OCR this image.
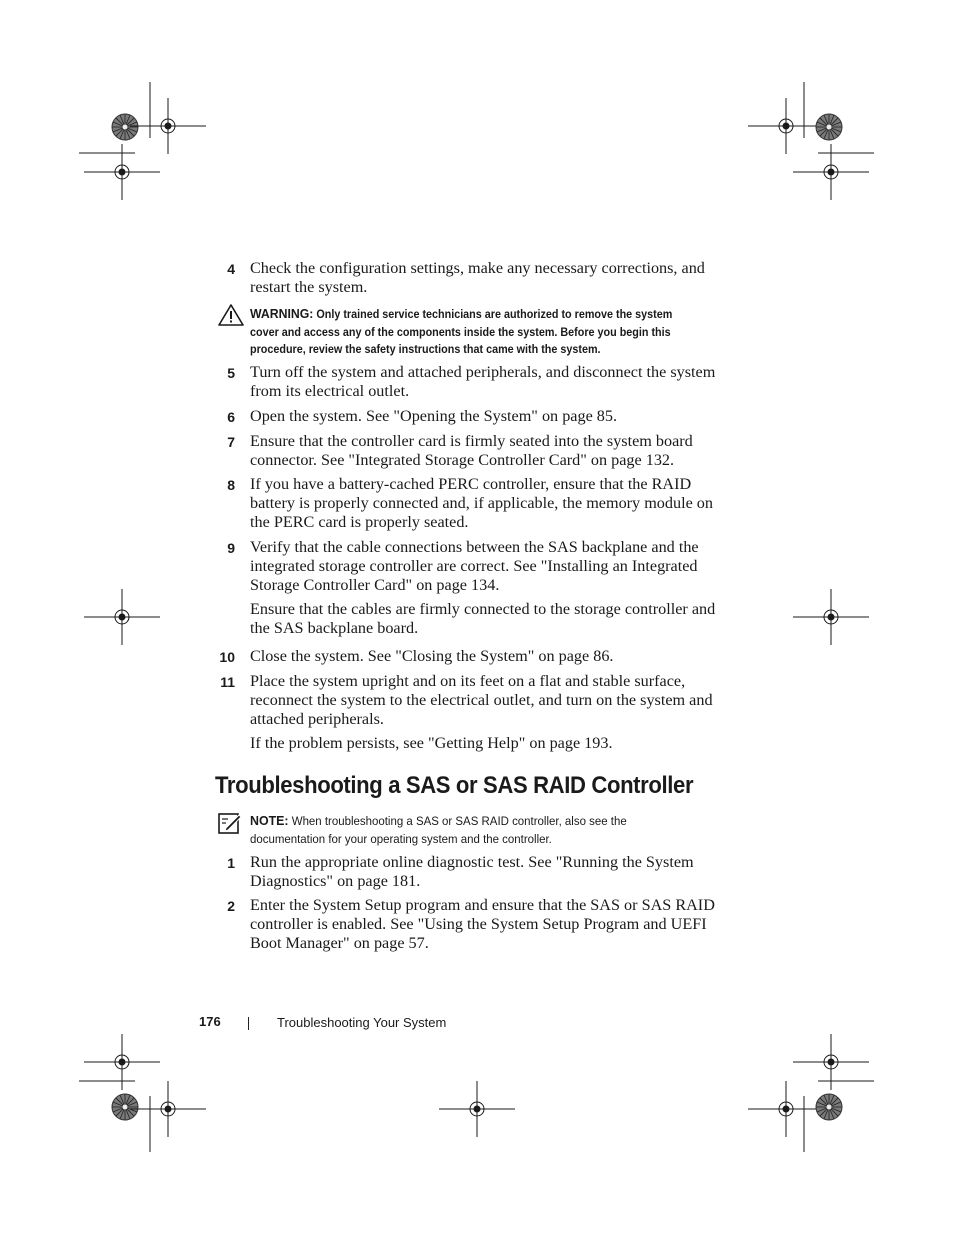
4 Check the configuration settings, make any necessary corrections, and restart the system.
WARNING: Only trained service technicians are authorized to remove the system cover and access any of the components inside the system. Before you begin this procedure, review the safety instructions that came with the system.
5 Turn off the system and attached peripherals, and disconnect the system from its electrical outlet.
6 Open the system. See "Opening the System" on page 85.
7 Ensure that the controller card is firmly seated into the system board connector. See "Integrated Storage Controller Card" on page 132.
8 If you have a battery-cached PERC controller, ensure that the RAID battery is properly connected and, if applicable, the memory module on the PERC card is properly seated.
9 Verify that the cable connections between the SAS backplane and the integrated storage controller are correct. See "Installing an Integrated Storage Controller Card" on page 134.
Ensure that the cables are firmly connected to the storage controller and the SAS backplane board.
10 Close the system. See "Closing the System" on page 86.
11 Place the system upright and on its feet on a flat and stable surface, reconnect the system to the electrical outlet, and turn on the system and attached peripherals.
If the problem persists, see "Getting Help" on page 193.
Troubleshooting a SAS or SAS RAID Controller
NOTE: When troubleshooting a SAS or SAS RAID controller, also see the documentation for your operating system and the controller.
1 Run the appropriate online diagnostic test. See "Running the System Diagnostics" on page 181.
2 Enter the System Setup program and ensure that the SAS or SAS RAID controller is enabled. See "Using the System Setup Program and UEFI Boot Manager" on page 57.
176	Troubleshooting Your System
